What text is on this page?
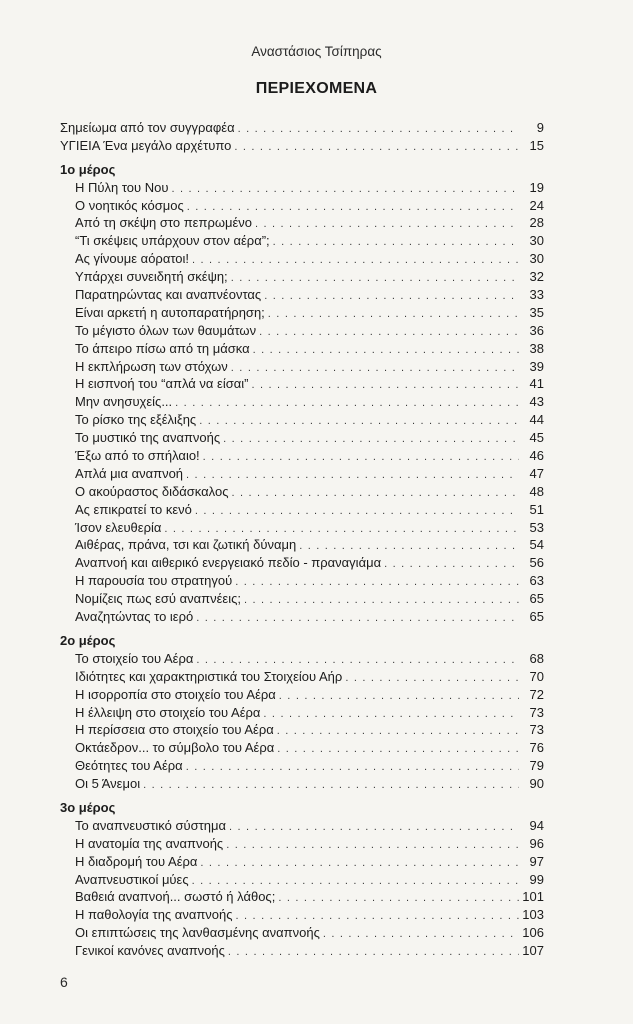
Αναστάσιος Τσίπηρας
ΠΕΡΙΕΧΟΜΕΝΑ
Σημείωμα από τον συγγραφέα . . .	9
ΥΓΙΕΙΑ Ένα μεγάλο αρχέτυπο . . .	15
1ο μέρος
Η Πύλη του Νου . . .	19
Ο νοητικός κόσμος . . .	24
Από τη σκέψη στο πεπρωμένο . . .	28
“Τι σκέψεις υπάρχουν στον αέρα”; . . .	30
Ας γίνουμε αόρατοι! . . .	30
Υπάρχει συνειδητή σκέψη; . . .	32
Παρατηρώντας και αναπνέοντας . . .	33
Είναι αρκετή η αυτοπαρατήρηση; . . .	35
Το μέγιστο όλων των θαυμάτων . . .	36
Το άπειρο πίσω από τη μάσκα . . .	38
Η εκπλήρωση των στόχων . . .	39
Η εισπνοή του “απλά να είσαι” . . .	41
Μην ανησυχείς... . . .	43
Το ρίσκο της εξέλιξης . . .	44
Το μυστικό της αναπνοής . . .	45
Έξω από το σπήλαιο! . . .	46
Απλά μια αναπνοή . . .	47
Ο ακούραστος διδάσκαλος . . .	48
Ας επικρατεί το κενό . . .	51
Ίσον ελευθερία . . .	53
Αιθέρας, πράνα, τσι και ζωτική δύναμη . . .	54
Αναπνοή και αιθερικό ενεργειακό πεδίο - πραναγιάμα . . .	56
Η παρουσία του στρατηγού . . .	63
Νομίζεις πως εσύ αναπνέεις; . . .	65
Αναζητώντας το ιερό . . .	65
2ο μέρος
Το στοιχείο του Αέρα . . .	68
Ιδιότητες και χαρακτηριστικά του Στοιχείου Αήρ . . .	70
Η ισορροπία στο στοιχείο του Αέρα . . .	72
Η έλλειψη στο στοιχείο του Αέρα . . .	73
Η περίσσεια στο στοιχείο του Αέρα . . .	73
Οκτάεδρον... το σύμβολο του Αέρα . . .	76
Θεότητες του Αέρα . . .	79
Οι 5 Άνεμοι . . .	90
3ο μέρος
Το αναπνευστικό σύστημα . . .	94
Η ανατομία της αναπνοής . . .	96
Η διαδρομή του Αέρα . . .	97
Αναπνευστικοί μύες . . .	99
Βαθειά αναπνοή... σωστό ή λάθος; . . .	101
Η παθολογία της αναπνοής . . .	103
Οι επιπτώσεις της λανθασμένης αναπνοής . . .	106
Γενικοί κανόνες αναπνοής . . .	107
6
